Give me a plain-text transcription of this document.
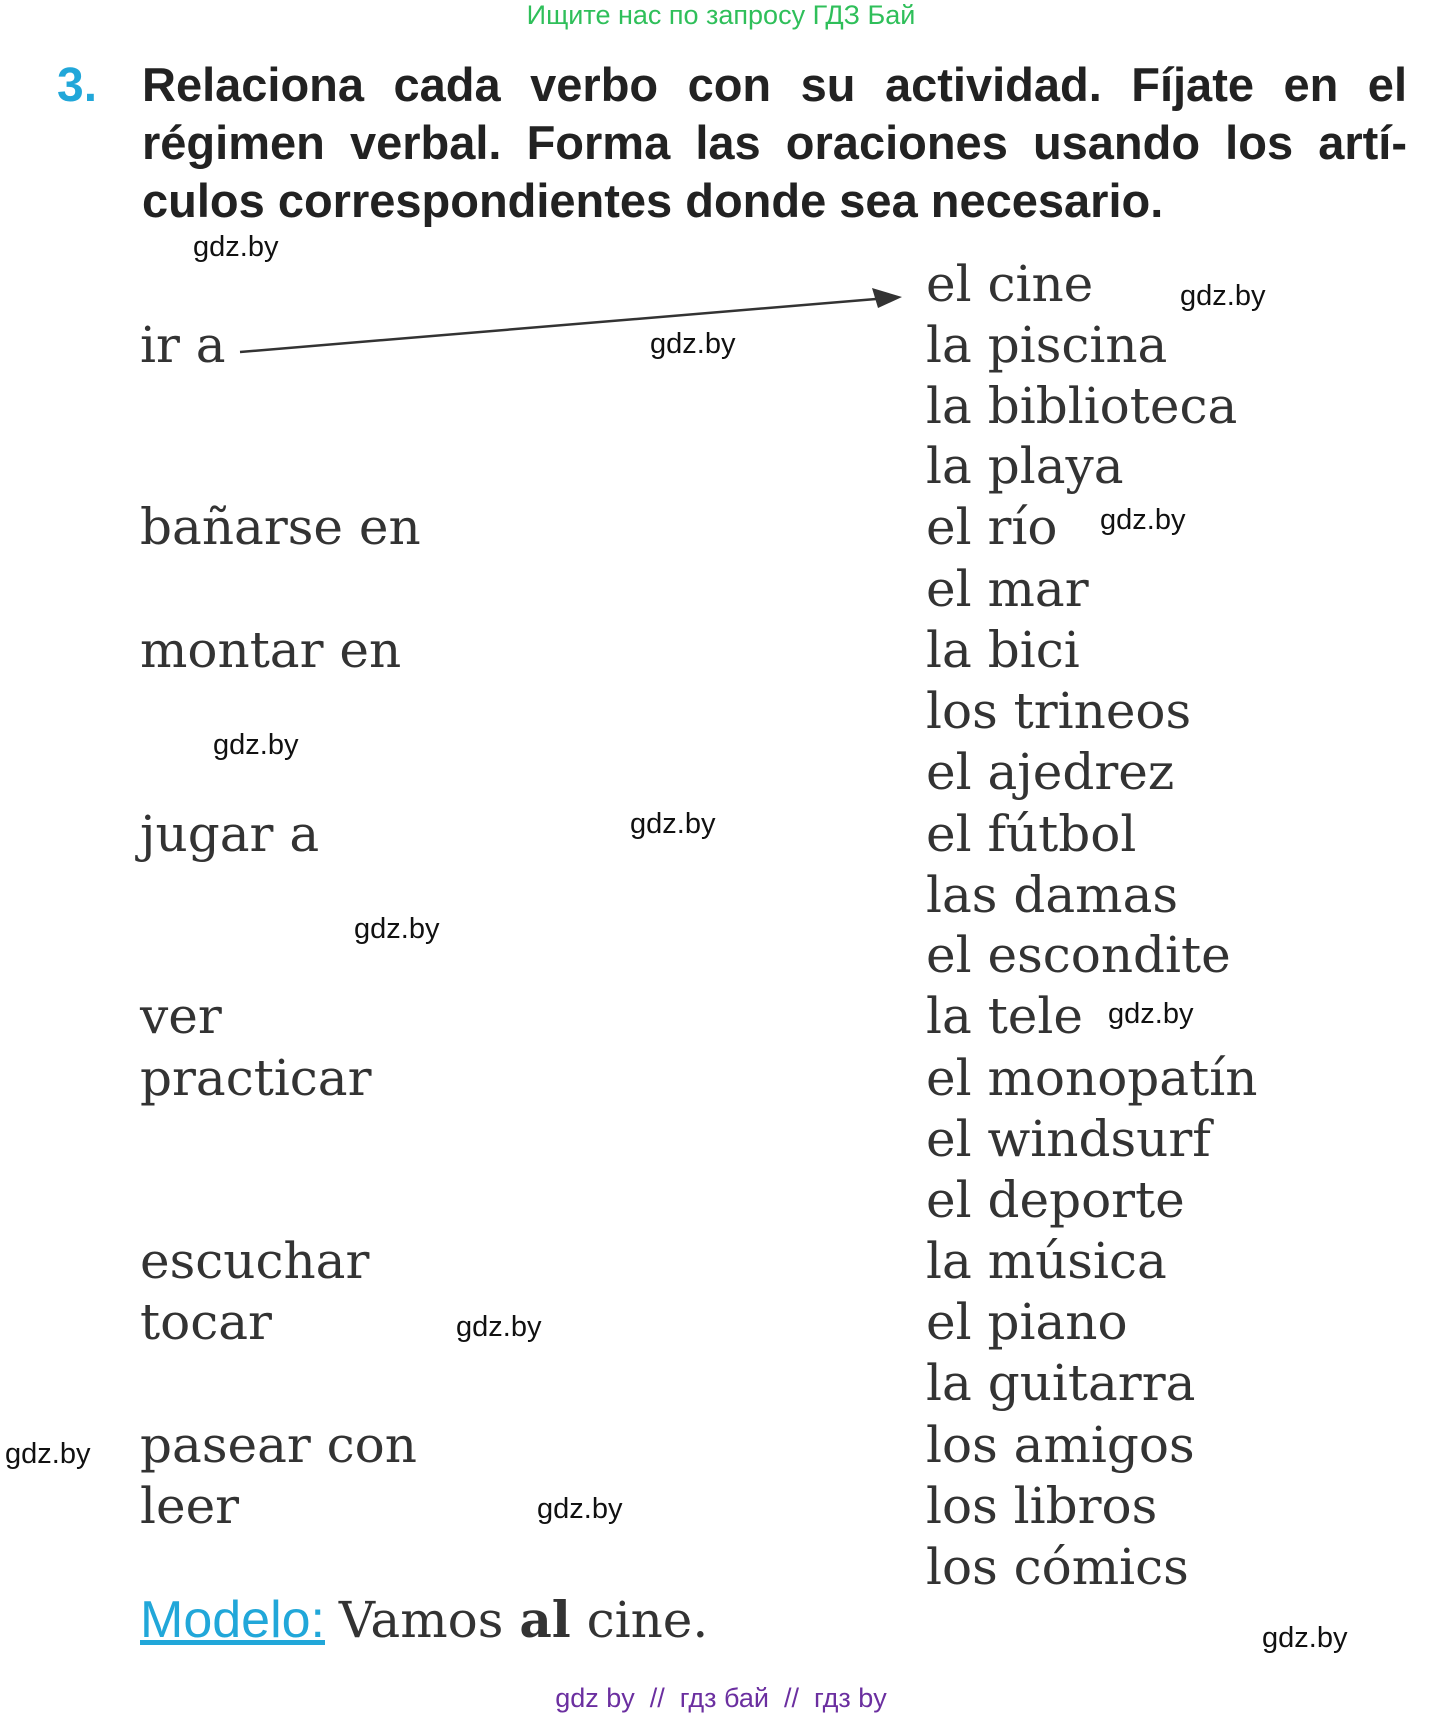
Ищите нас по запросу ГДЗ Бай
3. Relaciona cada verbo con su actividad. Fíjate en el
régimen verbal. Forma las oraciones usando los artí-
culos correspondientes donde sea necesario.
gdz.by
gdz.by
gdz.by
gdz.by
gdz.by
gdz.by
gdz.by
gdz.by
gdz.by
gdz.by
gdz.by
gdz.by
ir a
bañarse en
montar en
jugar a
ver
practicar
escuchar
tocar
pasear con
leer
el cine
la piscina
la biblioteca
la playa
el río
el mar
la bici
los trineos
el ajedrez
el fútbol
las damas
el escondite
la tele
el monopatín
el windsurf
el deporte
la música
el piano
la guitarra
los amigos
los libros
los cómics
Modelo: Vamos al cine.
gdz by  //  гдз бай  //  гдз by
